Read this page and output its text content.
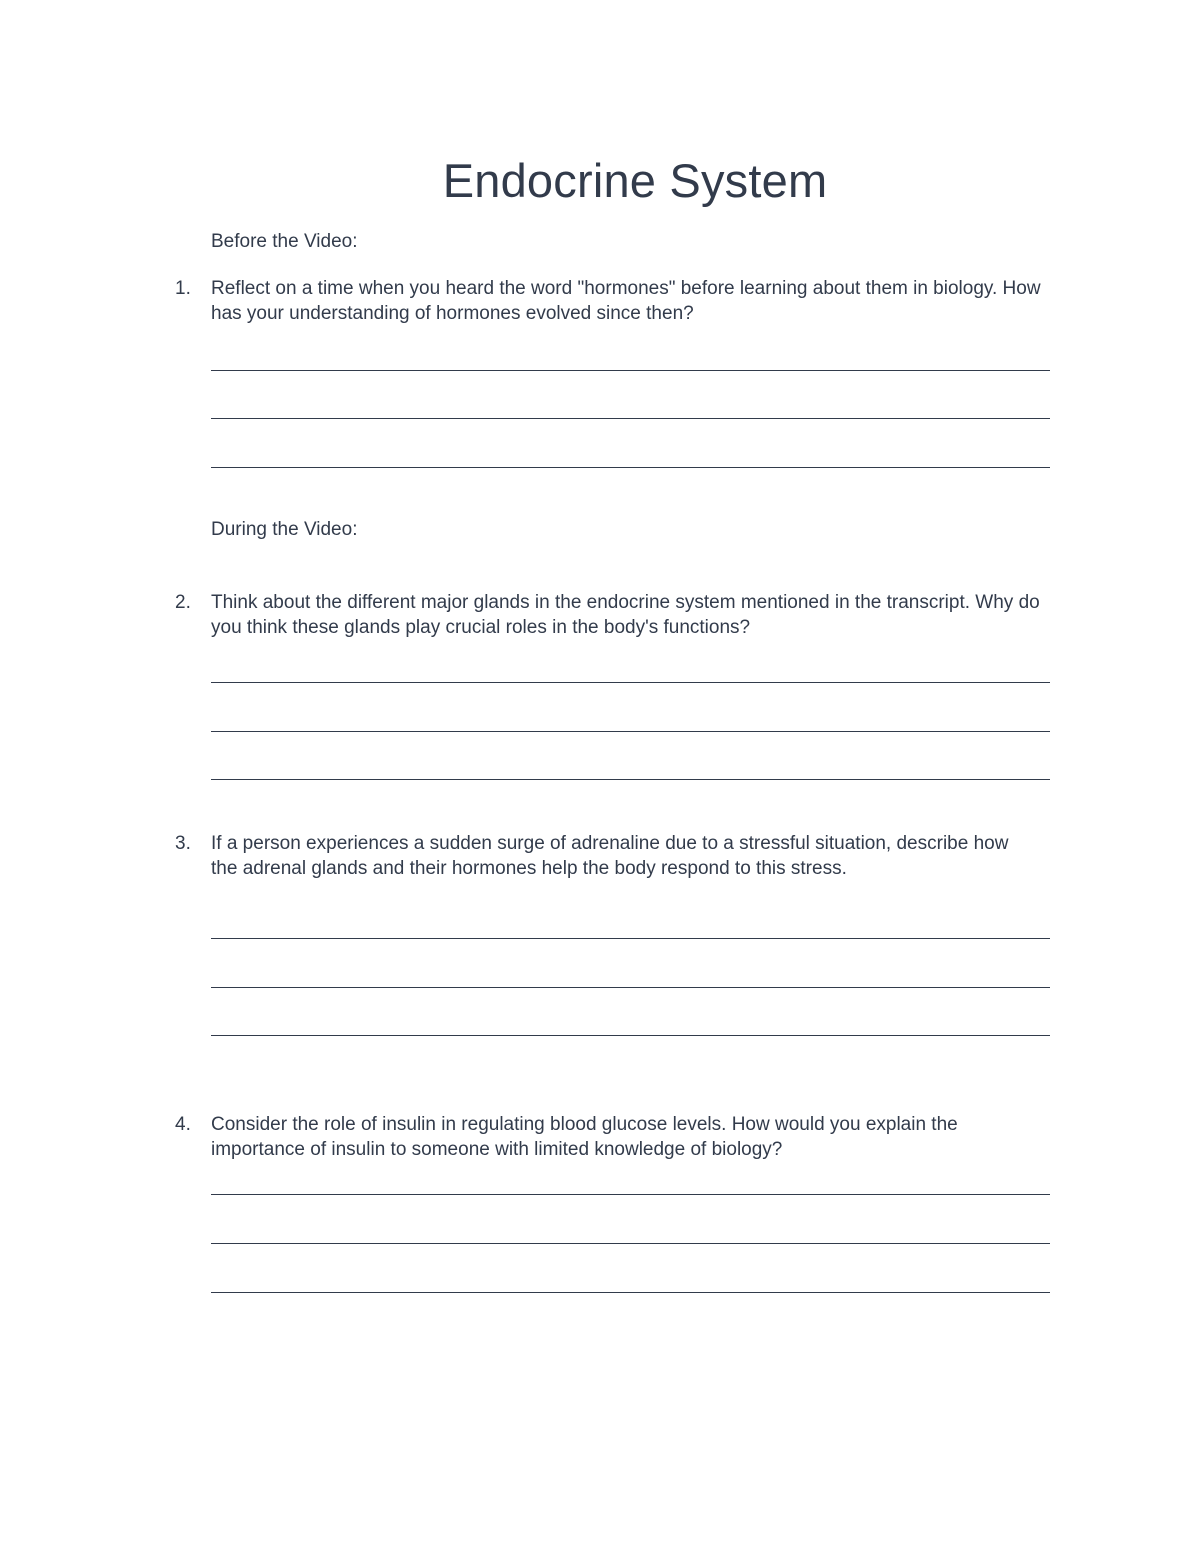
Endocrine System
Before the Video:
1.	Reflect on a time when you heard the word "hormones" before learning about them in biology. How has your understanding of hormones evolved since then?
During the Video:
2.	Think about the different major glands in the endocrine system mentioned in the transcript. Why do you think these glands play crucial roles in the body's functions?
3.	If a person experiences a sudden surge of adrenaline due to a stressful situation, describe how the adrenal glands and their hormones help the body respond to this stress.
4.	Consider the role of insulin in regulating blood glucose levels. How would you explain the importance of insulin to someone with limited knowledge of biology?
